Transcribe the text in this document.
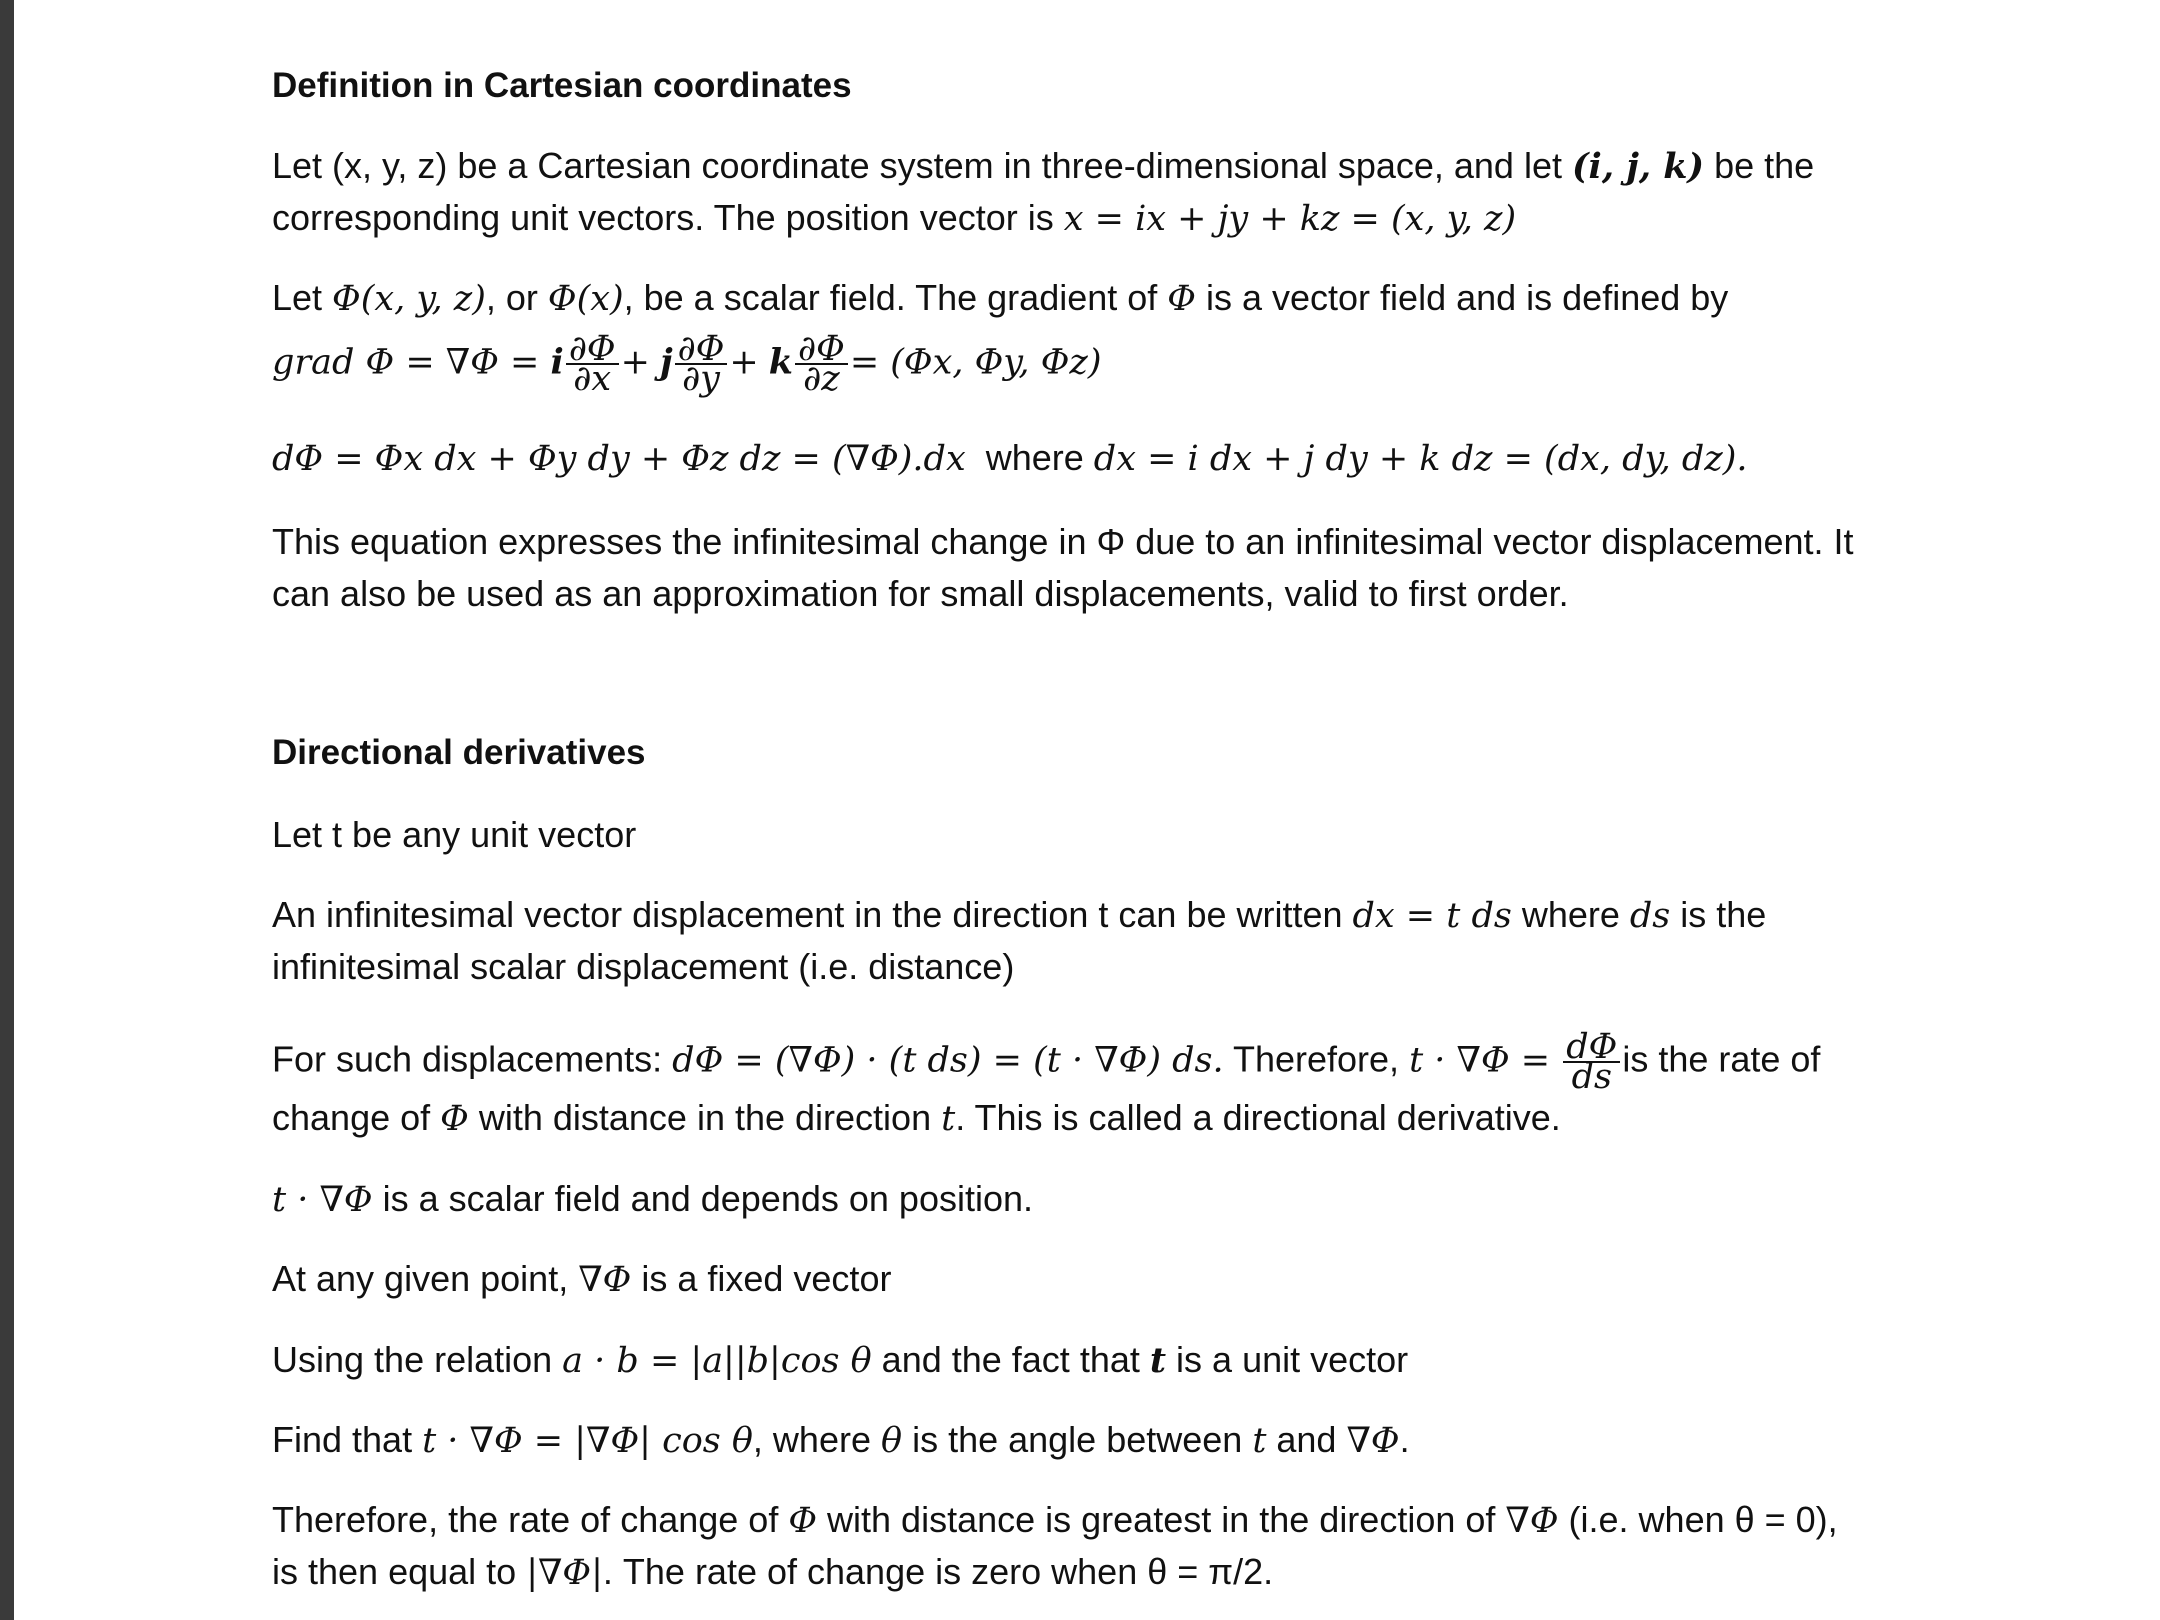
Definition in Cartesian coordinates
Let (x, y, z) be a Cartesian coordinate system in three-dimensional space, and let (i, j, k) be the
corresponding unit vectors. The position vector is x = ix + jy + kz = (x, y, z)
Let Φ(x, y, z), or Φ(x), be a scalar field. The gradient of Φ is a vector field and is defined by
grad Φ = ∇Φ = i $\frac{\partial\Phi}{\partial x} + j \frac{\partial\Phi}{\partial y} + k \frac{\partial\Phi}{\partial z} = (\Phi x$, Φy, Φz)
dΦ = Φx dx + Φy dy + Φz dz = (∇Φ).dx where dx = i dx + j dy + k dz = (dx, dy, dz).
This equation expresses the infinitesimal change in Φ due to an infinitesimal vector displacement. It
can also be used as an approximation for small displacements, valid to first order.
Directional derivatives
Let t be any unit vector
An infinitesimal vector displacement in the direction t can be written dx = t ds where ds is the
infinitesimal scalar displacement (i.e. distance)
For such displacements: dΦ = (∇Φ) · (t ds) = (t · ∇Φ) ds. Therefore, $t \cdot \nabla\Phi = \frac{d\Phi}{ds}$ is the rate of
change of Φ with distance in the direction t. This is called a directional derivative.
t · ∇Φ is a scalar field and depends on position.
At any given point, ∇Φ is a fixed vector
Using the relation a · b = |a||b|cos θ and the fact that t is a unit vector
Find that t · ∇Φ = |∇Φ| cos θ, where θ is the angle between t and ∇Φ.
Therefore, the rate of change of Φ with distance is greatest in the direction of ∇Φ (i.e. when θ = 0),
is then equal to |∇Φ|. The rate of change is zero when θ = π/2.
